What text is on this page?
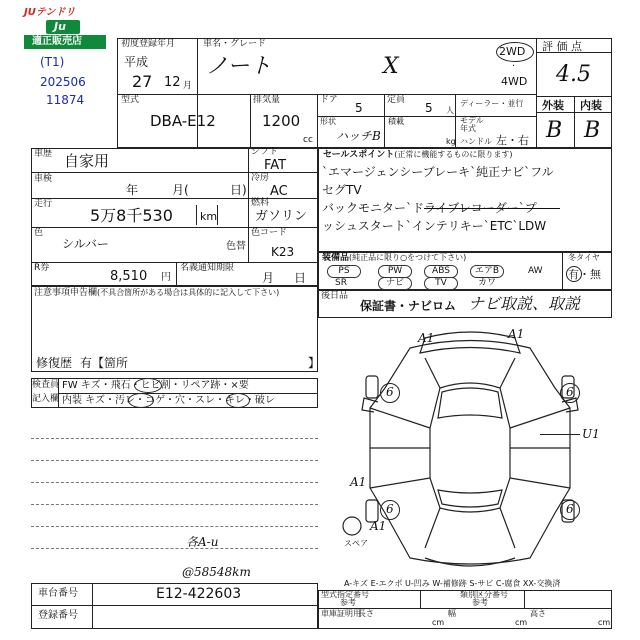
JUテンドリ
Ju
適正販売店
(T1)
202506
11874
初度登録年月
平成
27 12 月
車名・グレード
ノート	X
2WD
·
4WD
評 価 点
4.5
外装 内装
B B
型式
DBA-E12
排気量
1200
cc
ドア
5
定員
5 人
ディーラー・並行
形状
ハッチB
積載
kg
モデル年式
ハンドル 左・右
車歴 自家用
車検
年	月(	日)
走行
5万8千530 km
色
シルバー	色替
シフト
FAT
冷房
AC
燃料
ガソリン
色コード
K23
R券
8,510 円
名義通知期限
月 日
注意事項申告欄(不具合箇所がある場合は具体的に記入して下さい)
修復歴 有【箇所	】
検査員
記入欄
FW キズ・飛石・ヒビ割・リペア跡・×要
内装 キズ・汚レ・コゲ・穴・スレ・キレ・破レ
各A-u
@58548km
セールスポイント(正常に機能するものに限ります)
`エマージェンシーブレーキ`純正ナビ`フル
セグTV
バックモニター`ドライブレコーダー`プ
ッシュスタート`インテリキー`ETC`LDW
装備品(純正品に限り○をつけて下さい)
PS	PW	ABS	エアB	AW
SR	ナビ	TV	カワ
冬タイヤ
有・無
後日品
保証書・ナビロム ナビ取説、取説
A1	A1
6	6
6	6
U1
A1
A1
スペア
A-キズ E-エクボ U-凹み W-補修跡 S-サビ C-腐食 XX-交換済
車台番号	E12-422603
登録番号
型式指定番号
参考
類別区分番号
参考
車庫証明用
長さ
cm
幅
cm
高さ
cm
